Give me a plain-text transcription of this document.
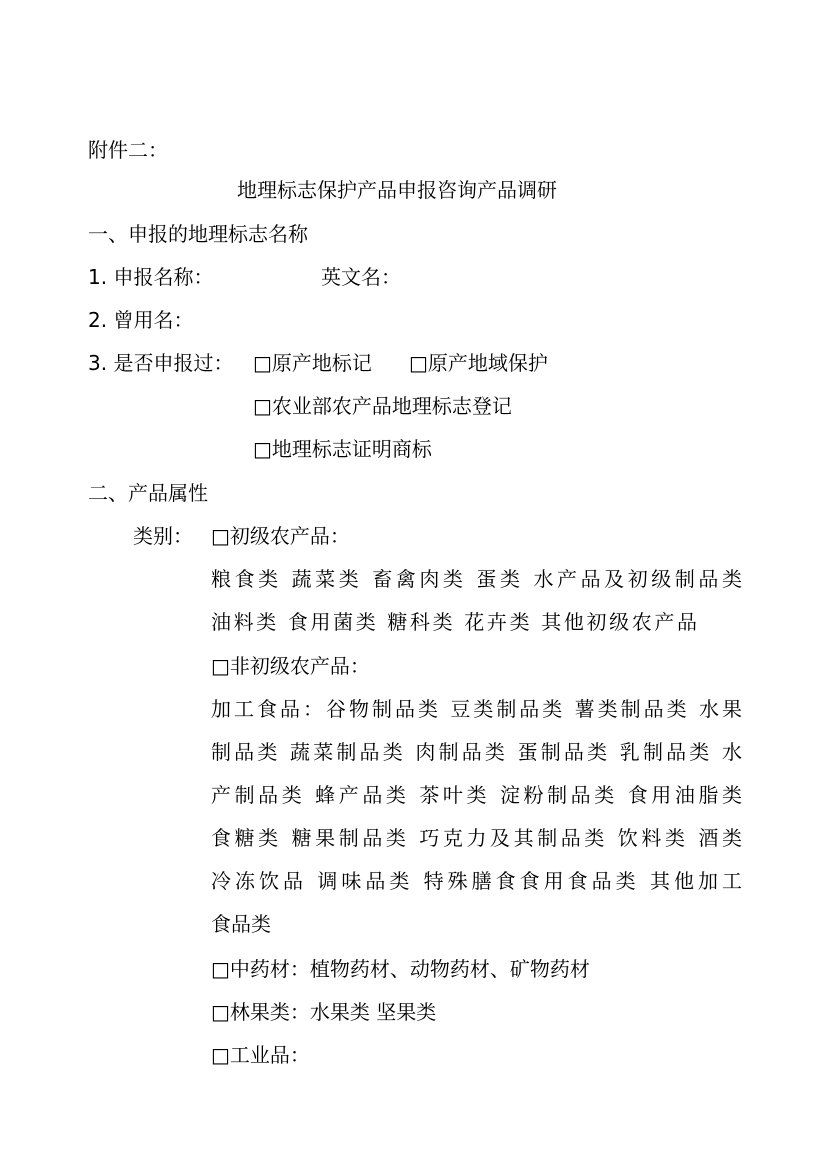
附件二：
地理标志保护产品申报咨询产品调研
一、申报的地理标志名称
1. 申报名称：	英文名：
2. 曾用名：
3. 是否申报过： □原产地标记 □原产地域保护
□农业部农产品地理标志登记
□地理标志证明商标
二、产品属性
类别： □初级农产品：
粮食类 蔬菜类 畜禽肉类 蛋类 水产品及初级制品类
油料类 食用菌类 糖科类 花卉类 其他初级农产品
□非初级农产品：
加工食品：谷物制品类 豆类制品类 薯类制品类 水果
制品类 蔬菜制品类 肉制品类 蛋制品类 乳制品类 水
产制品类 蜂产品类 茶叶类 淀粉制品类 食用油脂类
食糖类 糖果制品类 巧克力及其制品类 饮料类 酒类
冷冻饮品 调味品类 特殊膳食食用食品类 其他加工
食品类
□中药材：植物药材、动物药材、矿物药材
□林果类：水果类 坚果类
□工业品：
